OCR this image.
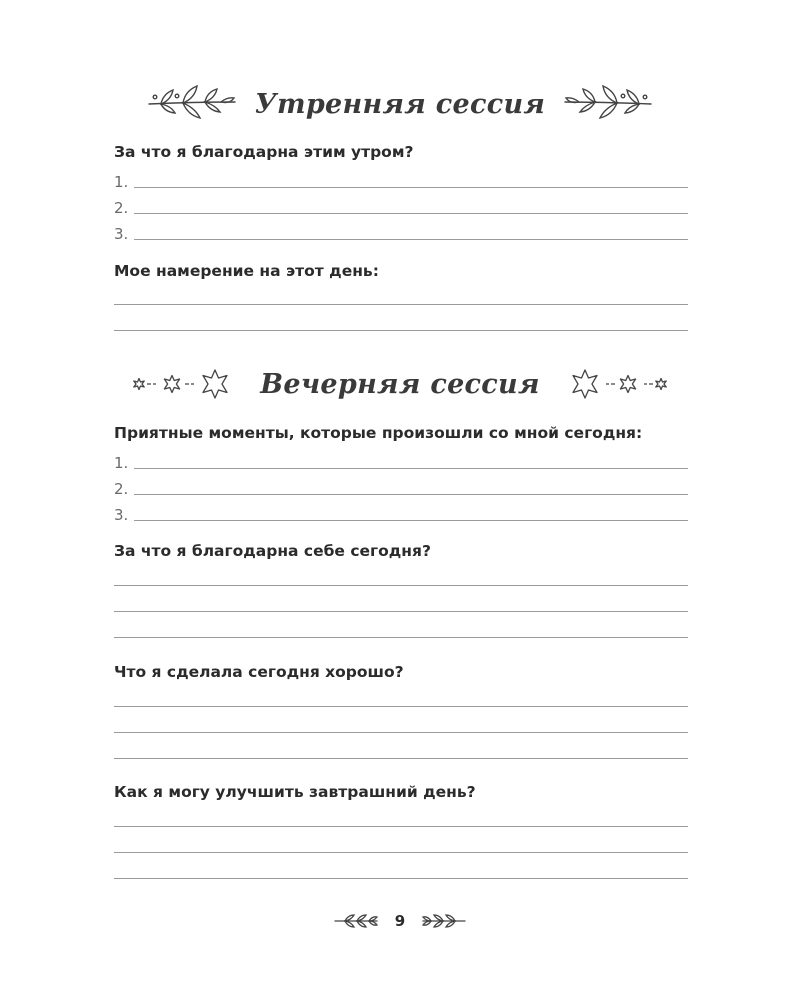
Утренняя сессия

За что я благодарна этим утром?

1.
2.
3.

Мое намерение на этот день:

Вечерняя сессия

Приятные моменты, которые произошли со мной сегодня:

1.
2.
3.

За что я благодарна себе сегодня?

Что я сделала сегодня хорошо?

Как я могу улучшить завтрашний день?

9
